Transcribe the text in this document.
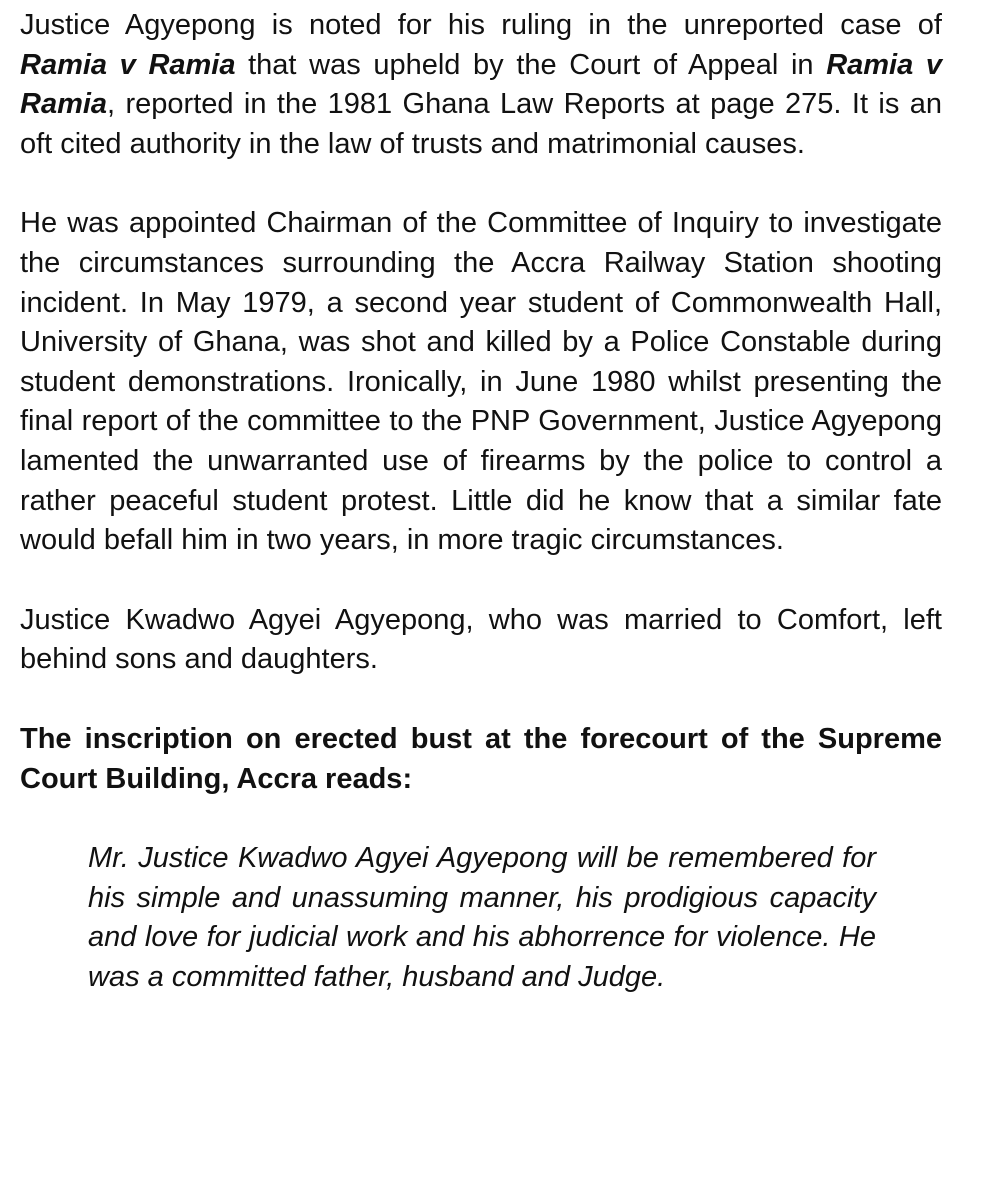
Justice Agyepong is noted for his ruling in the unreported case of Ramia v Ramia that was upheld by the Court of Appeal in Ramia v Ramia, reported in the 1981 Ghana Law Reports at page 275. It is an oft cited authority in the law of trusts and matrimonial causes.

He was appointed Chairman of the Committee of Inquiry to investigate the circumstances surrounding the Accra Railway Station shooting incident. In May 1979, a second year student of Commonwealth Hall, University of Ghana, was shot and killed by a Police Constable during student demonstrations. Ironically, in June 1980 whilst presenting the final report of the committee to the PNP Government, Justice Agyepong lamented the unwarranted use of firearms by the police to control a rather peaceful student protest. Little did he know that a similar fate would befall him in two years, in more tragic circumstances.

Justice Kwadwo Agyei Agyepong, who was married to Comfort, left behind sons and daughters.

The inscription on erected bust at the forecourt of the Supreme Court Building, Accra reads:

Mr. Justice Kwadwo Agyei Agyepong will be remembered for his simple and unassuming manner, his prodigious capacity and love for judicial work and his abhorrence for violence. He was a committed father, husband and Judge.
